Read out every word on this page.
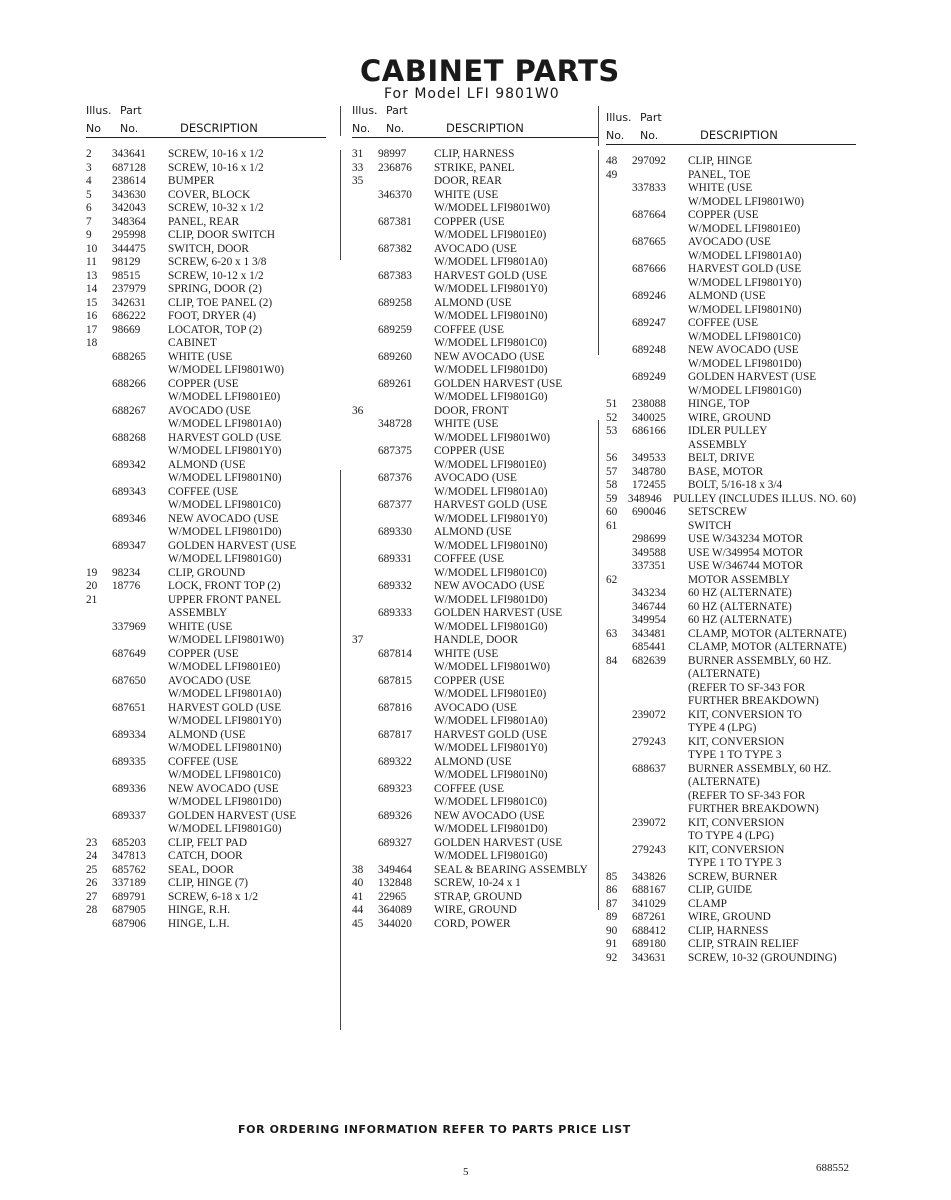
CABINET PARTS
For Model LFI 9801W0
Illus. Part
No No.	DESCRIPTION
2	343641	SCREW, 10-16 x 1/2
3	687128	SCREW, 10-16 x 1/2
4	238614	BUMPER
5	343630	COVER, BLOCK
6	342043	SCREW, 10-32 x 1/2
7	348364	PANEL, REAR
9	295998	CLIP, DOOR SWITCH
10	344475	SWITCH, DOOR
11	98129	SCREW, 6-20 x 1 3/8
13	98515	SCREW, 10-12 x 1/2
14	237979	SPRING, DOOR (2)
15	342631	CLIP, TOE PANEL (2)
16	686222	FOOT, DRYER (4)
17	98669	LOCATOR, TOP (2)
18	CABINET
688265	WHITE (USE
W/MODEL LFI9801W0)
688266	COPPER (USE
W/MODEL LFI9801E0)
688267	AVOCADO (USE
W/MODEL LFI9801A0)
688268	HARVEST GOLD (USE
W/MODEL LFI9801Y0)
689342	ALMOND (USE
W/MODEL LFI9801N0)
689343	COFFEE (USE
W/MODEL LFI9801C0)
689346	NEW AVOCADO (USE
W/MODEL LFI9801D0)
689347	GOLDEN HARVEST (USE
W/MODEL LFI9801G0)
19	98234	CLIP, GROUND
20	18776	LOCK, FRONT TOP (2)
21	UPPER FRONT PANEL
ASSEMBLY
337969	WHITE (USE
W/MODEL LFI9801W0)
687649	COPPER (USE
W/MODEL LFI9801E0)
687650	AVOCADO (USE
W/MODEL LFI9801A0)
687651	HARVEST GOLD (USE
W/MODEL LFI9801Y0)
689334	ALMOND (USE
W/MODEL LFI9801N0)
689335	COFFEE (USE
W/MODEL LFI9801C0)
689336	NEW AVOCADO (USE
W/MODEL LFI9801D0)
689337	GOLDEN HARVEST (USE
W/MODEL LFI9801G0)
23	685203	CLIP, FELT PAD
24	347813	CATCH, DOOR
25	685762	SEAL, DOOR
26	337189	CLIP, HINGE (7)
27	689791	SCREW, 6-18 x 1/2
28	687905	HINGE, R.H.
687906	HINGE, L.H.
Illus. Part
No. No.	DESCRIPTION
31	98997	CLIP, HARNESS
33	236876	STRIKE, PANEL
35	DOOR, REAR
346370	WHITE (USE
W/MODEL LFI9801W0)
687381	COPPER (USE
W/MODEL LFI9801E0)
687382	AVOCADO (USE
W/MODEL LFI9801A0)
687383	HARVEST GOLD (USE
W/MODEL LFI9801Y0)
689258	ALMOND (USE
W/MODEL LFI9801N0)
689259	COFFEE (USE
W/MODEL LFI9801C0)
689260	NEW AVOCADO (USE
W/MODEL LFI9801D0)
689261	GOLDEN HARVEST (USE
W/MODEL LFI9801G0)
36	DOOR, FRONT
348728	WHITE (USE
W/MODEL LFI9801W0)
687375	COPPER (USE
W/MODEL LFI9801E0)
687376	AVOCADO (USE
W/MODEL LFI9801A0)
687377	HARVEST GOLD (USE
W/MODEL LFI9801Y0)
689330	ALMOND (USE
W/MODEL LFI9801N0)
689331	COFFEE (USE
W/MODEL LFI9801C0)
689332	NEW AVOCADO (USE
W/MODEL LFI9801D0)
689333	GOLDEN HARVEST (USE
W/MODEL LFI9801G0)
37	HANDLE, DOOR
687814	WHITE (USE
W/MODEL LFI9801W0)
687815	COPPER (USE
W/MODEL LFI9801E0)
687816	AVOCADO (USE
W/MODEL LFI9801A0)
687817	HARVEST GOLD (USE
W/MODEL LFI9801Y0)
689322	ALMOND (USE
W/MODEL LFI9801N0)
689323	COFFEE (USE
W/MODEL LFI9801C0)
689326	NEW AVOCADO (USE
W/MODEL LFI9801D0)
689327	GOLDEN HARVEST (USE
W/MODEL LFI9801G0)
38	349464	SEAL & BEARING ASSEMBLY
40	132848	SCREW, 10-24 x 1
41	22965	STRAP, GROUND
44	364089	WIRE, GROUND
45	344020	CORD, POWER
Illus. Part
No. No.	DESCRIPTION
48	297092	CLIP, HINGE
49	PANEL, TOE
337833	WHITE (USE
W/MODEL LFI9801W0)
687664	COPPER (USE
W/MODEL LFI9801E0)
687665	AVOCADO (USE
W/MODEL LFI9801A0)
687666	HARVEST GOLD (USE
W/MODEL LFI9801Y0)
689246	ALMOND (USE
W/MODEL LFI9801N0)
689247	COFFEE (USE
W/MODEL LFI9801C0)
689248	NEW AVOCADO (USE
W/MODEL LFI9801D0)
689249	GOLDEN HARVEST (USE
W/MODEL LFI9801G0)
51	238088	HINGE, TOP
52	340025	WIRE, GROUND
53	686166	IDLER PULLEY
ASSEMBLY
56	349533	BELT, DRIVE
57	348780	BASE, MOTOR
58	172455	BOLT, 5/16-18 x 3/4
59 348946	PULLEY (INCLUDES ILLUS. NO. 60)
60	690046	SETSCREW
61	SWITCH
298699	USE W/343234 MOTOR
349588	USE W/349954 MOTOR
337351	USE W/346744 MOTOR
62	MOTOR ASSEMBLY
343234	60 HZ (ALTERNATE)
346744	60 HZ (ALTERNATE)
349954	60 HZ (ALTERNATE)
63	343481	CLAMP, MOTOR (ALTERNATE)
685441	CLAMP, MOTOR (ALTERNATE)
84	682639	BURNER ASSEMBLY, 60 HZ.
(ALTERNATE)
(REFER TO SF-343 FOR
FURTHER BREAKDOWN)
239072	KIT, CONVERSION TO
TYPE 4 (LPG)
279243	KIT, CONVERSION
TYPE 1 TO TYPE 3
688637	BURNER ASSEMBLY, 60 HZ.
(ALTERNATE)
(REFER TO SF-343 FOR
FURTHER BREAKDOWN)
239072	KIT, CONVERSION
TO TYPE 4 (LPG)
279243	KIT, CONVERSION
TYPE 1 TO TYPE 3
85	343826	SCREW, BURNER
86	688167	CLIP, GUIDE
87	341029	CLAMP
89	687261	WIRE, GROUND
90	688412	CLIP, HARNESS
91	689180	CLIP, STRAIN RELIEF
92	343631	SCREW, 10-32 (GROUNDING)
FOR ORDERING INFORMATION REFER TO PARTS PRICE LIST
5	688552
